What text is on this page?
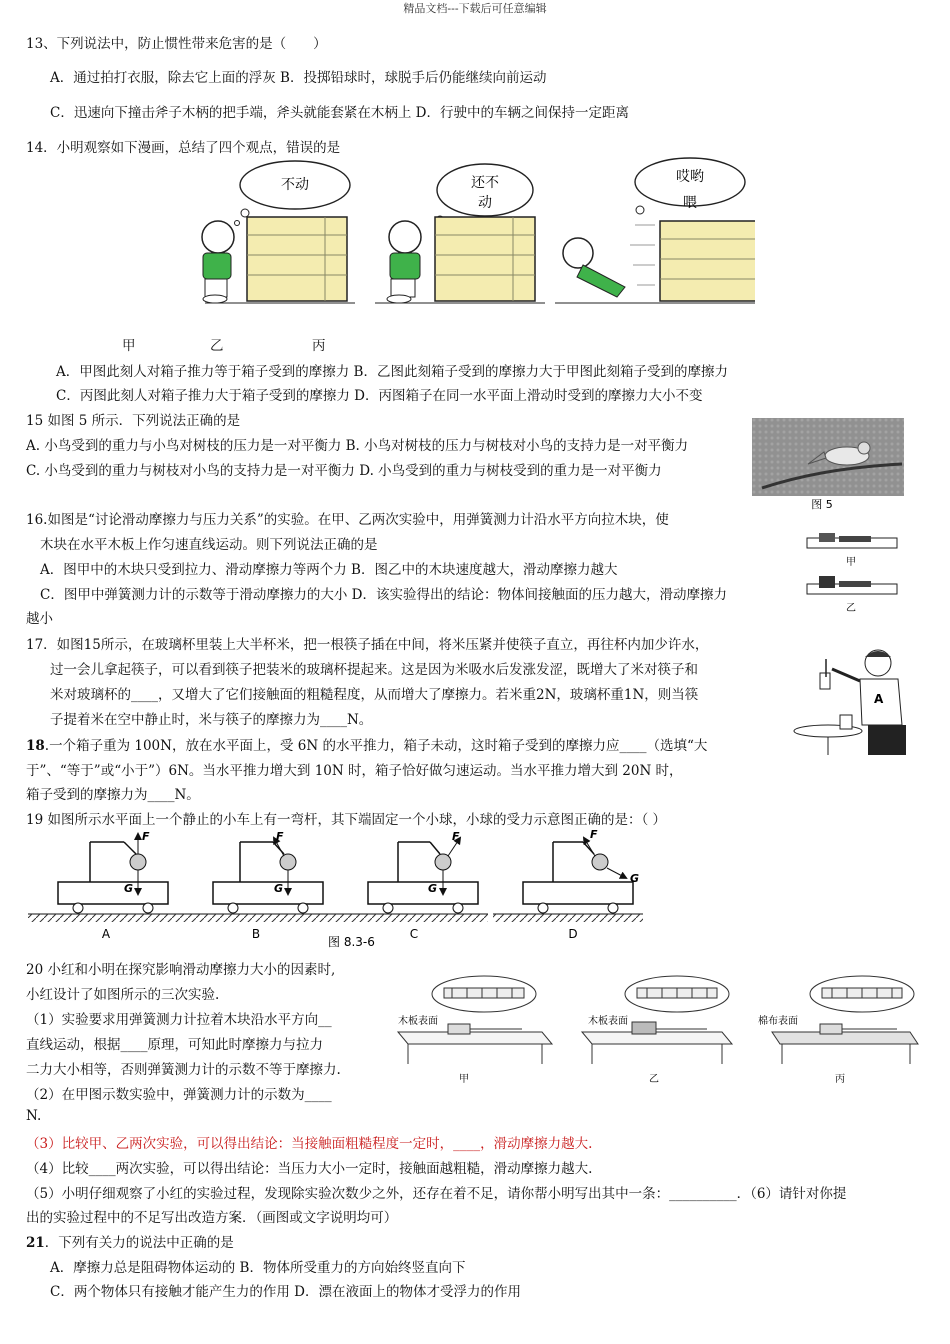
精品文档---下载后可任意编辑
13、下列说法中，防止惯性带来危害的是（　　）
A．通过拍打衣服，除去它上面的浮灰 B．投掷铅球时，球脱手后仍能继续向前运动
C．迅速向下撞击斧子木柄的把手端，斧头就能套紧在木柄上 D．行驶中的车辆之间保持一定距离
14．小明观察如下漫画，总结了四个观点，错误的是
不动	还不
动
哎哟
喂
甲	乙	丙
A．甲图此刻人对箱子推力等于箱子受到的摩擦力 B．乙图此刻箱子受到的摩擦力大于甲图此刻箱子受到的摩擦力
C．丙图此刻人对箱子推力大于箱子受到的摩擦力 D．丙图箱子在同一水平面上滑动时受到的摩擦力大小不变
15 如图 5 所示．下列说法正确的是
A. 小鸟受到的重力与小鸟对树枝的压力是一对平衡力 B. 小鸟对树枝的压力与树枝对小鸟的支持力是一对平衡力
C. 小鸟受到的重力与树枝对小鸟的支持力是一对平衡力 D. 小鸟受到的重力与树枝受到的重力是一对平衡力
图 5
16.如图是“讨论滑动摩擦力与压力关系”的实验。在甲、乙两次实验中，用弹簧测力计沿水平方向拉木块，使
木块在水平木板上作匀速直线运动。则下列说法正确的是
A．图甲中的木块只受到拉力、滑动摩擦力等两个力 B．图乙中的木块速度越大，滑动摩擦力越大
C．图甲中弹簧测力计的示数等于滑动摩擦力的大小 D．该实验得出的结论：物体间接触面的压力越大，滑动摩擦力
越小
甲
乙
17．如图15所示，在玻璃杯里装上大半杯米，把一根筷子插在中间，将米压紧并使筷子直立，再往杯内加少许水，
过一会儿拿起筷子，可以看到筷子把装米的玻璃杯提起来。这是因为米吸水后发涨发涩，既增大了米对筷子和
米对玻璃杯的____，又增大了它们接触面的粗糙程度，从而增大了摩擦力。若米重2N，玻璃杯重1N，则当筷
子提着米在空中静止时，米与筷子的摩擦力为____N。
A
18.一个箱子重为 100N，放在水平面上，受 6N 的水平推力，箱子未动，这时箱子受到的摩擦力应____（选填“大
于”、“等于”或“小于”）6N。当水平推力增大到 10N 时，箱子恰好做匀速运动。当水平推力增大到 20N 时，
箱子受到的摩擦力为____N。
19 如图所示水平面上一个静止的小车上有一弯杆，其下端固定一个小球，小球的受力示意图正确的是：（ ）
F
G
A
F
G
B
图 8.3-6
F
G
C
F
G
D
20 小红和小明在探究影响滑动摩擦力大小的因素时,
小红设计了如图所示的三次实验.
（1）实验要求用弹簧测力计拉着木块沿水平方向__
直线运动，根据____原理，可知此时摩擦力与拉力
二力大小相等，否则弹簧测力计的示数不等于摩擦力.
（2）在甲图示数实验中，弹簧测力计的示数为____
N.
（3）比较甲、乙两次实验，可以得出结论：当接触面粗糙程度一定时，____，滑动摩擦力越大.
（4）比较____两次实验，可以得出结论：当压力大小一定时，接触面越粗糙，滑动摩擦力越大.
（5）小明仔细观察了小红的实验过程，发现除实验次数少之外，还存在着不足，请你帮小明写出其中一条：__________．（6）请针对你提
出的实验过程中的不足写出改造方案．（画图或文字说明均可）
木板表面	木板表面	棉布表面
甲	乙	丙
21．下列有关力的说法中正确的是
A．摩擦力总是阻碍物体运动的 B．物体所受重力的方向始终竖直向下
C．两个物体只有接触才能产生力的作用 D．漂在液面上的物体才受浮力的作用
